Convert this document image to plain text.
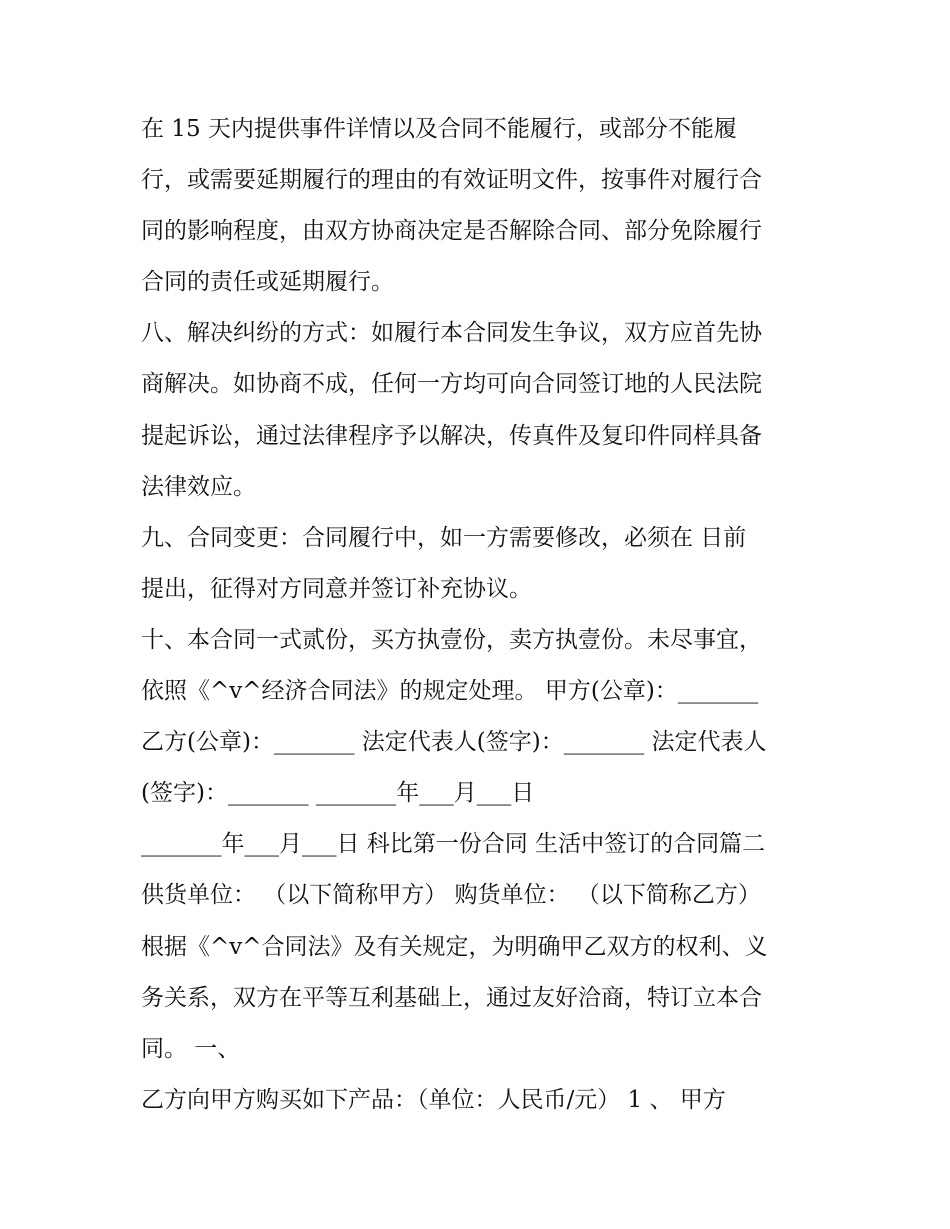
在 15 天内提供事件详情以及合同不能履行，或部分不能履
行，或需要延期履行的理由的有效证明文件，按事件对履行合
同的影响程度，由双方协商决定是否解除合同、部分免除履行
合同的责任或延期履行。
八、解决纠纷的方式：如履行本合同发生争议，双方应首先协
商解决。如协商不成，任何一方均可向合同签订地的人民法院
提起诉讼，通过法律程序予以解决，传真件及复印件同样具备
法律效应。
九、合同变更：合同履行中，如一方需要修改，必须在 日前
提出，征得对方同意并签订补充协议。
十、本合同一式贰份，买方执壹份，卖方执壹份。未尽事宜，
依照《^v^经济合同法》的规定处理。 甲方(公章)：_______
乙方(公章)：_______ 法定代表人(签字)：_______ 法定代表人
(签字)：_______ _______年___月___日
_______年___月___日 科比第一份合同 生活中签订的合同篇二
供货单位： （以下简称甲方） 购货单位： （以下简称乙方）
根据《^v^合同法》及有关规定，为明确甲乙双方的权利、义
务关系，双方在平等互利基础上，通过友好洽商，特订立本合
同。 一、
乙方向甲方购买如下产品：（单位：人民币/元） 1 、 甲方
